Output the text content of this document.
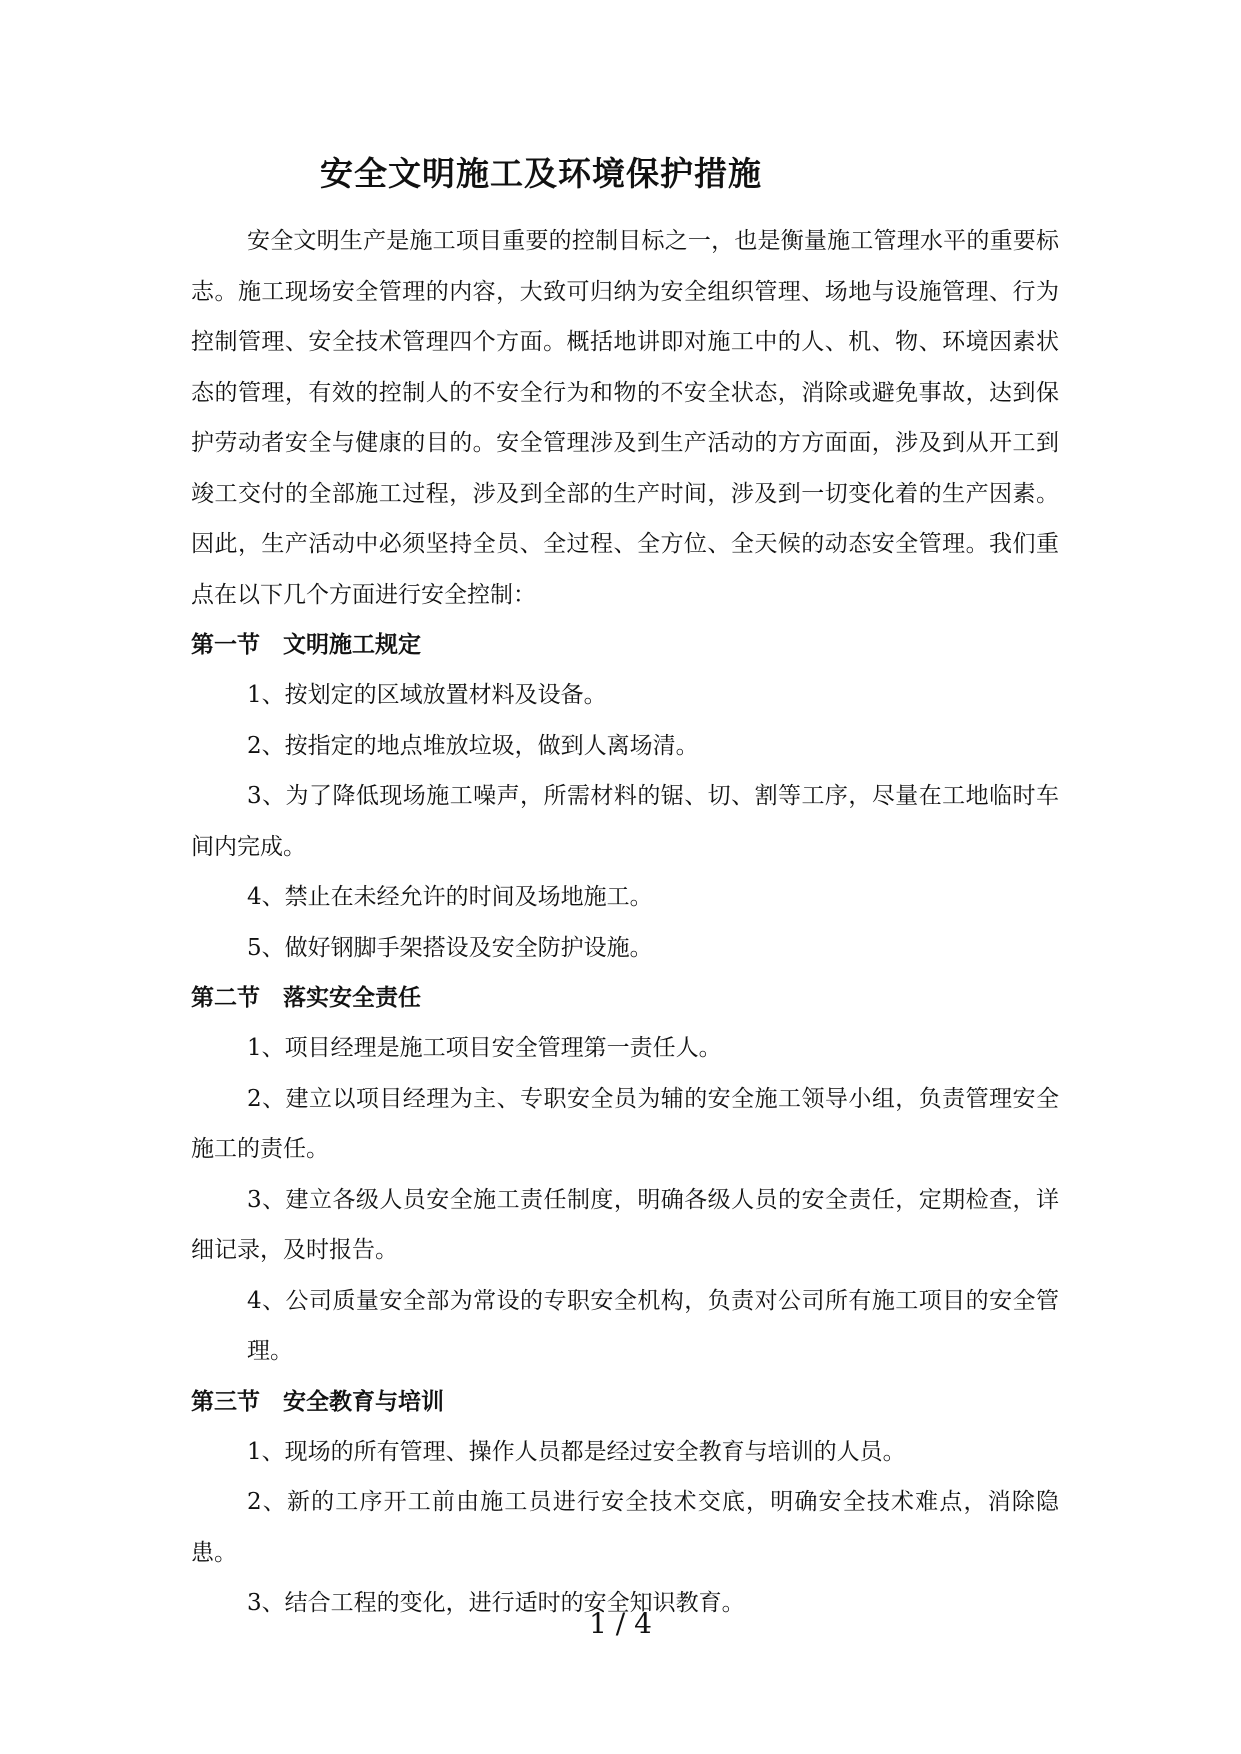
安全文明施工及环境保护措施

安全文明生产是施工项目重要的控制目标之一，也是衡量施工管理水平的重要标志。施工现场安全管理的内容，大致可归纳为安全组织管理、场地与设施管理、行为控制管理、安全技术管理四个方面。概括地讲即对施工中的人、机、物、环境因素状态的管理，有效的控制人的不安全行为和物的不安全状态，消除或避免事故，达到保护劳动者安全与健康的目的。安全管理涉及到生产活动的方方面面，涉及到从开工到竣工交付的全部施工过程，涉及到全部的生产时间，涉及到一切变化着的生产因素。因此，生产活动中必须坚持全员、全过程、全方位、全天候的动态安全管理。我们重点在以下几个方面进行安全控制：

第一节　文明施工规定

1、按划定的区域放置材料及设备。

2、按指定的地点堆放垃圾，做到人离场清。

3、为了降低现场施工噪声，所需材料的锯、切、割等工序，尽量在工地临时车间内完成。

4、禁止在未经允许的时间及场地施工。

5、做好钢脚手架搭设及安全防护设施。

第二节　落实安全责任

1、项目经理是施工项目安全管理第一责任人。

2、建立以项目经理为主、专职安全员为辅的安全施工领导小组，负责管理安全施工的责任。

3、建立各级人员安全施工责任制度，明确各级人员的安全责任，定期检查，详细记录，及时报告。

4、公司质量安全部为常设的专职安全机构，负责对公司所有施工项目的安全管理。

第三节　安全教育与培训

1、现场的所有管理、操作人员都是经过安全教育与培训的人员。

2、新的工序开工前由施工员进行安全技术交底，明确安全技术难点，消除隐患。

3、结合工程的变化，进行适时的安全知识教育。

1 / 4
